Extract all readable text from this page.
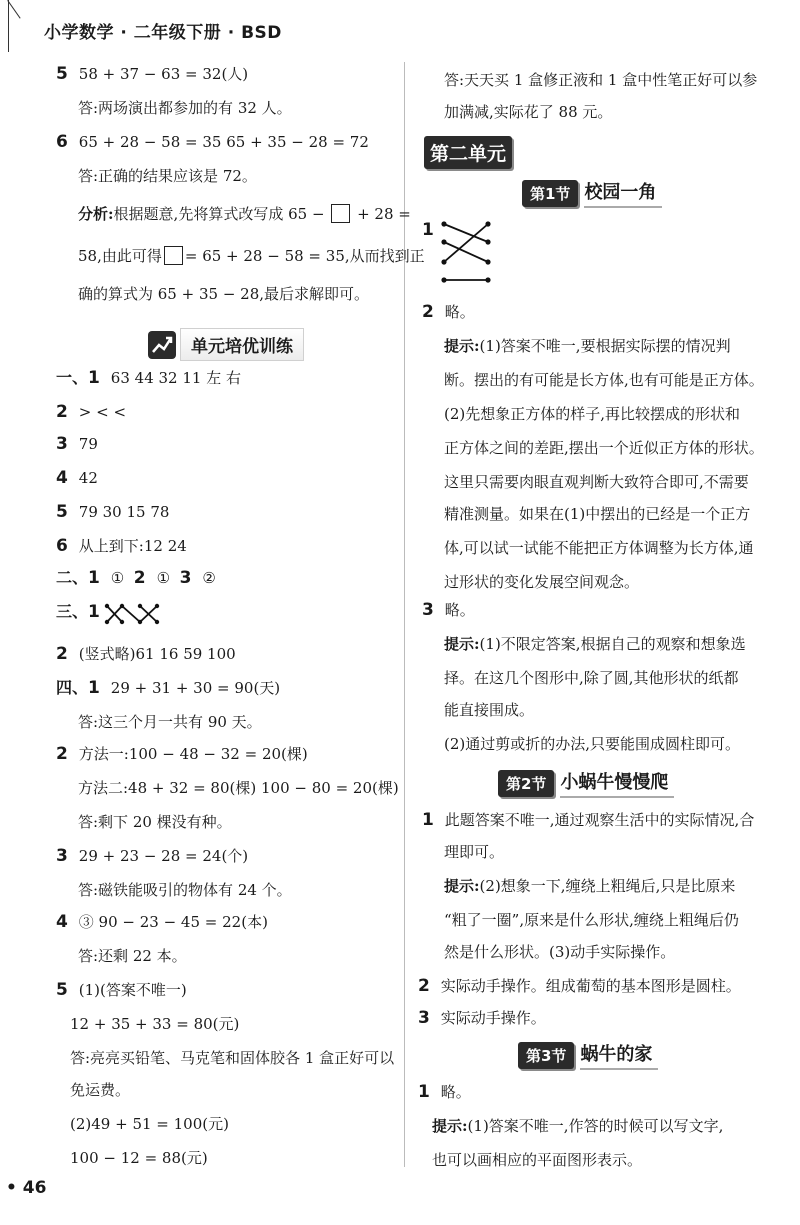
小学数学 · 二年级下册 · BSD
5 58 + 37 − 63 = 32(人)
答:两场演出都参加的有 32 人。
6 65 + 28 − 58 = 35 65 + 35 − 28 = 72
答:正确的结果应该是 72。
分析:根据题意,先将算式改写成 65 − + 28 =
58,由此可得 = 65 + 28 − 58 = 35,从而找到正
确的算式为 65 + 35 − 28,最后求解即可。
单元培优训练
一、1 63 44 32 11 左 右
2 > < <
3 79
4 42
5 79 30 15 78
6 从上到下:12 24
二、1 ① 2 ① 3 ②
三、1
2 (竖式略)61 16 59 100
四、1 29 + 31 + 30 = 90(天)
答:这三个月一共有 90 天。
2 方法一:100 − 48 − 32 = 20(棵)
方法二:48 + 32 = 80(棵) 100 − 80 = 20(棵)
答:剩下 20 棵没有种。
3 29 + 23 − 28 = 24(个)
答:磁铁能吸引的物体有 24 个。
4 ③ 90 − 23 − 45 = 22(本)
答:还剩 22 本。
5 (1)(答案不唯一)
12 + 35 + 33 = 80(元)
答:亮亮买铅笔、马克笔和固体胶各 1 盒正好可以
免运费。
(2)49 + 51 = 100(元)
100 − 12 = 88(元)
• 46
答:天天买 1 盒修正液和 1 盒中性笔正好可以参
加满减,实际花了 88 元。
第二单元
第1节 校园一角
1
2 略。
提示:(1)答案不唯一,要根据实际摆的情况判
断。摆出的有可能是长方体,也有可能是正方体。
(2)先想象正方体的样子,再比较摆成的形状和
正方体之间的差距,摆出一个近似正方体的形状。
这里只需要肉眼直观判断大致符合即可,不需要
精准测量。如果在(1)中摆出的已经是一个正方
体,可以试一试能不能把正方体调整为长方体,通
过形状的变化发展空间观念。
3 略。
提示:(1)不限定答案,根据自己的观察和想象选
择。在这几个图形中,除了圆,其他形状的纸都
能直接围成。
(2)通过剪或折的办法,只要能围成圆柱即可。
第2节 小蜗牛慢慢爬
1 此题答案不唯一,通过观察生活中的实际情况,合
理即可。
提示:(2)想象一下,缠绕上粗绳后,只是比原来
“粗了一圈”,原来是什么形状,缠绕上粗绳后仍
然是什么形状。(3)动手实际操作。
2 实际动手操作。组成葡萄的基本图形是圆柱。
3 实际动手操作。
第3节 蜗牛的家
1 略。
提示:(1)答案不唯一,作答的时候可以写文字,
也可以画相应的平面图形表示。
